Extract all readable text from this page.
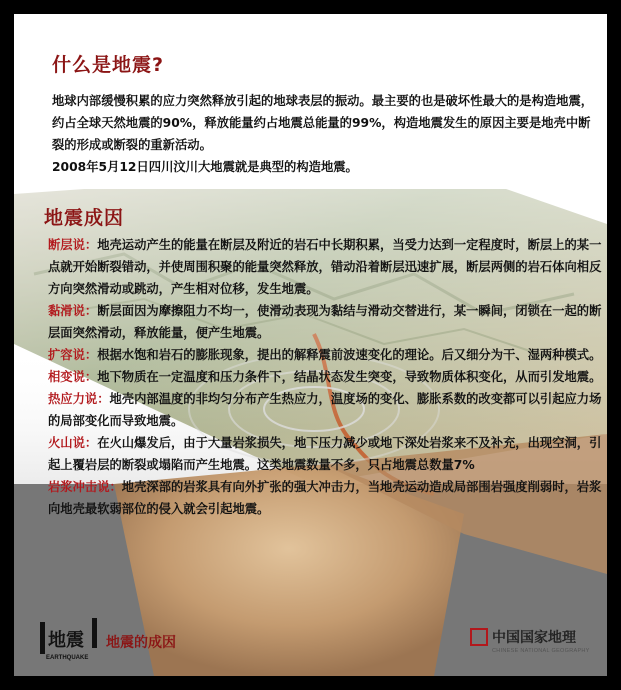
什么是地震?

地球内部缓慢积累的应力突然释放引起的地球表层的振动。最主要的也是破坏性最大的是构造地震，约占全球天然地震的90%，释放能量约占地震总能量的99%，构造地震发生的原因主要是地壳中断裂的形成或断裂的重新活动。

2008年5月12日四川汶川大地震就是典型的构造地震。

地震成因
断层说：地壳运动产生的能量在断层及附近的岩石中长期积累，当受力达到一定程度时，断层上的某一点就开始断裂错动，并使周围积聚的能量突然释放，错动沿着断层迅速扩展，断层两侧的岩石体向相反方向突然滑动或跳动，产生相对位移，发生地震。
黏滑说：断层面因为摩擦阻力不均一，使滑动表现为黏结与滑动交替进行，某一瞬间，闭锁在一起的断层面突然滑动，释放能量，便产生地震。
扩容说：根据水饱和岩石的膨胀现象，提出的解释震前波速变化的理论。后又细分为干、湿两种模式。
相变说：地下物质在一定温度和压力条件下，结晶状态发生突变，导致物质体积变化，从而引发地震。
热应力说：地壳内部温度的非均匀分布产生热应力，温度场的变化、膨胀系数的改变都可以引起应力场的局部变化而导致地震。
火山说：在火山爆发后，由于大量岩浆损失，地下压力减少或地下深处岩浆来不及补充，出现空洞，引起上覆岩层的断裂或塌陷而产生地震。这类地震数量不多，只占地震总数量7%
岩浆冲击说：地壳深部的岩浆具有向外扩张的强大冲击力，当地壳运动造成局部围岩强度削弱时，岩浆向地壳最软弱部位的侵入就会引起地震。
地震
EARTHQUAKE

地震的成因	中国国家地理
CHINESE NATIONAL GEOGRAPHY
